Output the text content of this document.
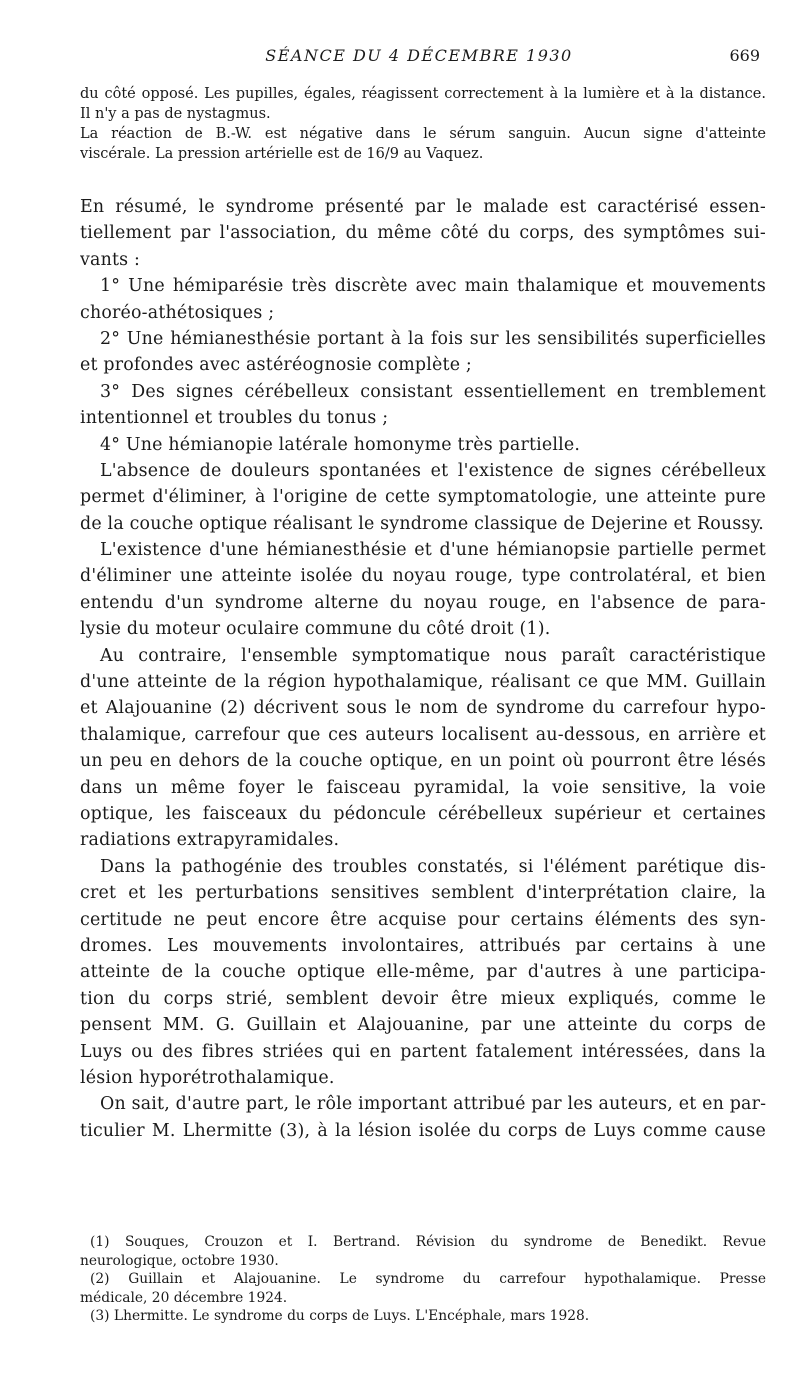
SÉANCE DU 4 DÉCEMBRE 1930	669
du côté opposé. Les pupilles, égales, réagissent correctement à la lumière et à la distance.
Il n'y a pas de nystagmus.
La réaction de B.-W. est négative dans le sérum sanguin. Aucun signe d'atteinte
viscérale. La pression artérielle est de 16/9 au Vaquez.
En résumé, le syndrome présenté par le malade est caractérisé essen-
tiellement par l'association, du même côté du corps, des symptômes sui-
vants :
1° Une hémiparésie très discrète avec main thalamique et mouvements
choréo-athétosiques ;
2° Une hémianesthésie portant à la fois sur les sensibilités superficielles
et profondes avec astéréognosie complète ;
3° Des signes cérébelleux consistant essentiellement en tremblement
intentionnel et troubles du tonus ;
4° Une hémianopie latérale homonyme très partielle.
L'absence de douleurs spontanées et l'existence de signes cérébelleux
permet d'éliminer, à l'origine de cette symptomatologie, une atteinte pure
de la couche optique réalisant le syndrome classique de Dejerine et Roussy.
L'existence d'une hémianesthésie et d'une hémianopsie partielle permet
d'éliminer une atteinte isolée du noyau rouge, type controlatéral, et bien
entendu d'un syndrome alterne du noyau rouge, en l'absence de para-
lysie du moteur oculaire commune du côté droit (1).
Au contraire, l'ensemble symptomatique nous paraît caractéristique
d'une atteinte de la région hypothalamique, réalisant ce que MM. Guillain
et Alajouanine (2) décrivent sous le nom de syndrome du carrefour hypo-
thalamique, carrefour que ces auteurs localisent au-dessous, en arrière et
un peu en dehors de la couche optique, en un point où pourront être lésés
dans un même foyer le faisceau pyramidal, la voie sensitive, la voie
optique, les faisceaux du pédoncule cérébelleux supérieur et certaines
radiations extrapyramidales.
Dans la pathogénie des troubles constatés, si l'élément parétique dis-
cret et les perturbations sensitives semblent d'interprétation claire, la
certitude ne peut encore être acquise pour certains éléments des syn-
dromes. Les mouvements involontaires, attribués par certains à une
atteinte de la couche optique elle-même, par d'autres à une participa-
tion du corps strié, semblent devoir être mieux expliqués, comme le
pensent MM. G. Guillain et Alajouanine, par une atteinte du corps de
Luys ou des fibres striées qui en partent fatalement intéressées, dans la
lésion hyporétrothalamique.
On sait, d'autre part, le rôle important attribué par les auteurs, et en par-
ticulier M. Lhermitte (3), à la lésion isolée du corps de Luys comme cause
(1) Souques, Crouzon et I. Bertrand. Révision du syndrome de Benedikt. Revue
neurologique, octobre 1930.
(2) Guillain et Alajouanine. Le syndrome du carrefour hypothalamique. Presse
médicale, 20 décembre 1924.
(3) Lhermitte. Le syndrome du corps de Luys. L'Encéphale, mars 1928.
